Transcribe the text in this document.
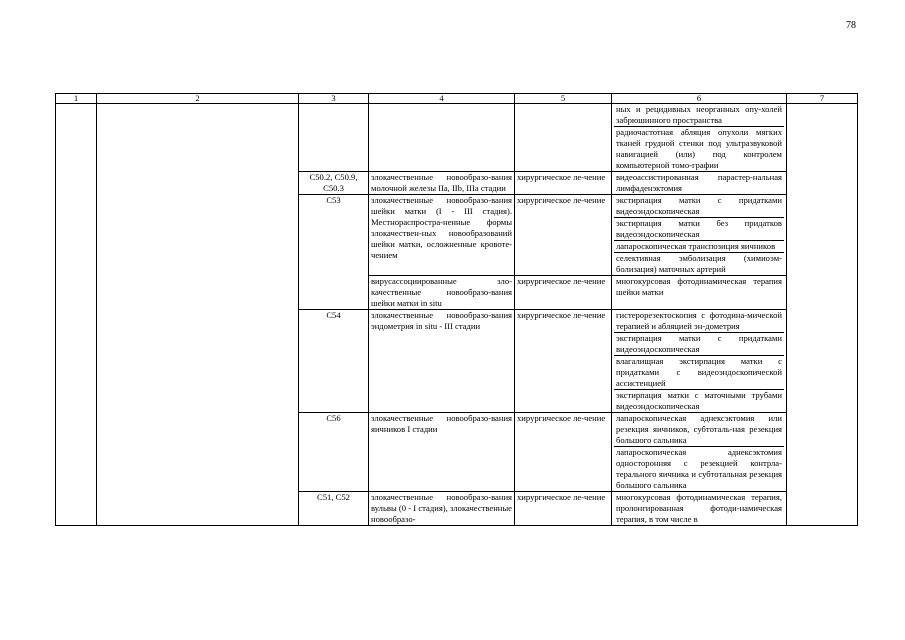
78
1	2	3	4	5	6	7

					ных и рецидивных неорганных опу-холей забрюшинного пространства
радиочастотная абляция опухоли мягких тканей грудной стенки под ультразвуковой навигацией (или) под контролем компьютерной томо-графии	

		C50.2, C50.9, C50.3	злокачественные новообразо-вания молочной железы IIa, IIb, IIIa стадии	хирургическое ле-чение	видеоассистированная парастер-нальная лимфаденэктомия	

		C53	злокачественные новообразо-вания шейки матки (I - III стадия). Местнораспростра-ненные формы злокачествен-ных новообразований шейки матки, осложненные кровоте-чением	хирургическое ле-чение	экстирпация матки с придатками видеоэндоскопическая
экстирпация матки без придатков видеоэндоскопическая
лапароскопическая транспозиция яичников
селективная эмболизация (химиоэм-болизация) маточных артерий	

			вирусассоциированные зло-качественные новообразо-вания шейки матки in situ	хирургическое ле-чение	многокурсовая фотодинамическая терапия шейки матки	

		C54	злокачественные новообразо-вания эндометрия in situ - III стадии	хирургическое ле-чение	гистерорезектоскопия с фотодина-мической терапией и абляцией эн-дометрия
экстирпация матки с придатками видеоэндоскопическая
влагалищная экстирпация матки с придатками с видеоэндоскопической ассистенцией
экстирпация матки с маточными трубами видеоэндоскопическая	

		C56	злокачественные новообразо-вания яичников I стадии	хирургическое ле-чение	лапароскопическая аднексэктомия или резекция яичников, субтоталь-ная резекция большого сальника
лапароскопическая аднексэктомия односторонняя с резекцией контрла-терального яичника и субтотальная резекция большого сальника	

		C51, C52	злокачественные новообразо-вания вульвы (0 - I стадия), злокачественные новообразо-	хирургическое ле-чение	многокурсовая фотодинамическая терапия, пролонгированная фотоди-намическая терапия, в том числе в	
